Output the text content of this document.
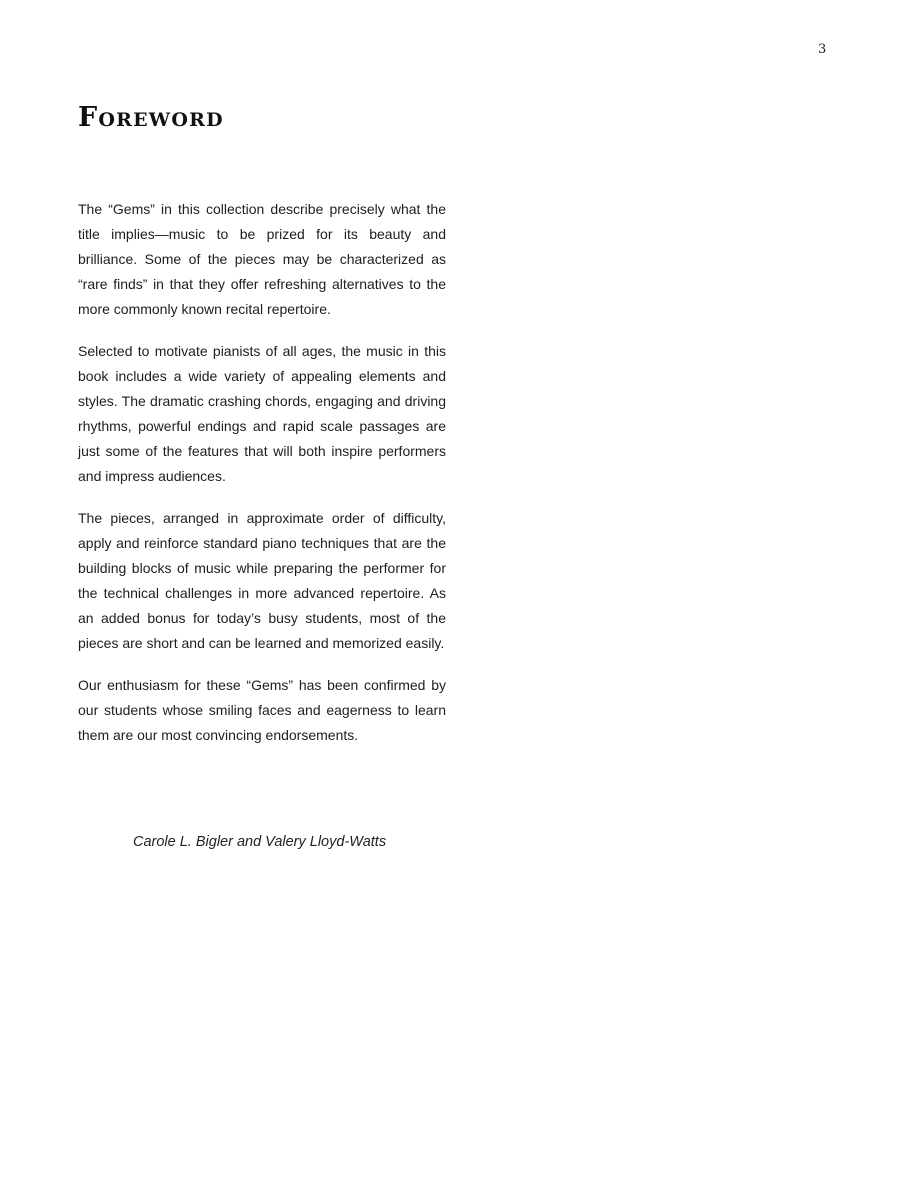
3
Foreword

The “Gems” in this collection describe precisely what the title implies—music to be prized for its beauty and brilliance. Some of the pieces may be characterized as “rare finds” in that they offer refreshing alternatives to the more commonly known recital repertoire.

Selected to motivate pianists of all ages, the music in this book includes a wide variety of appealing elements and styles. The dramatic crashing chords, engaging and driving rhythms, powerful endings and rapid scale passages are just some of the features that will both inspire performers and impress audiences.

The pieces, arranged in approximate order of difficulty, apply and reinforce standard piano techniques that are the building blocks of music while preparing the performer for the technical challenges in more advanced repertoire. As an added bonus for today’s busy students, most of the pieces are short and can be learned and memorized easily.

Our enthusiasm for these “Gems” has been confirmed by our students whose smiling faces and eagerness to learn them are our most convincing endorsements.

Carole L. Bigler and Valery Lloyd-Watts
